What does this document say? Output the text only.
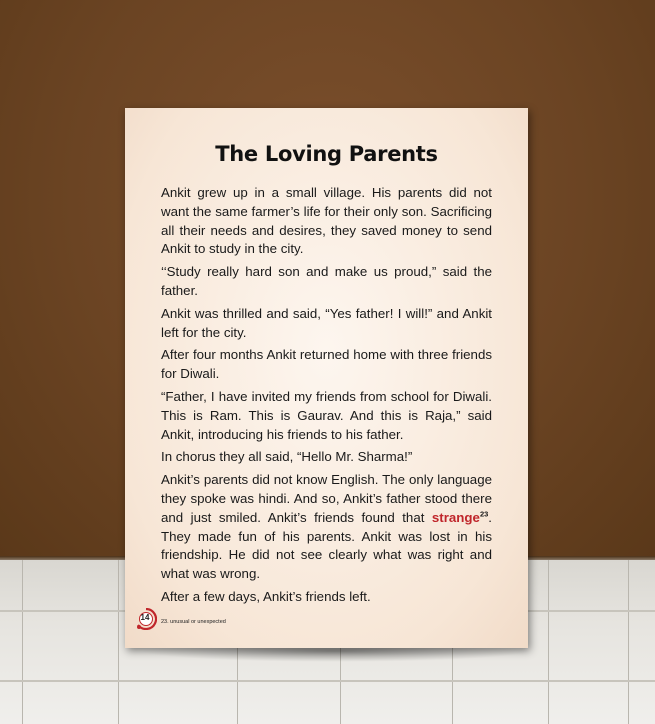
The Loving Parents

Ankit grew up in a small village. His parents did not want the same farmer’s life for their only son. Sacrificing all their needs and desires, they saved money to send Ankit to study in the city.

‘‘Study really hard son and make us proud,” said the father.

Ankit was thrilled and said, “Yes father! I will!” and Ankit left for the city.

After four months Ankit returned home with three friends for Diwali.

“Father, I have invited my friends from school for Diwali. This is Ram. This is Gaurav. And this is Raja,” said Ankit, introducing his friends to his father.

In chorus they all said, “Hello Mr. Sharma!”

Ankit’s parents did not know English. The only language they spoke was hindi. And so, Ankit’s father stood there and just smiled. Ankit’s friends found that strange$^{23}$. They made fun of his parents. Ankit was lost in his friendship. He did not see clearly what was right and what was wrong.

After a few days, Ankit’s friends left.

14	23. unusual or unexpected
